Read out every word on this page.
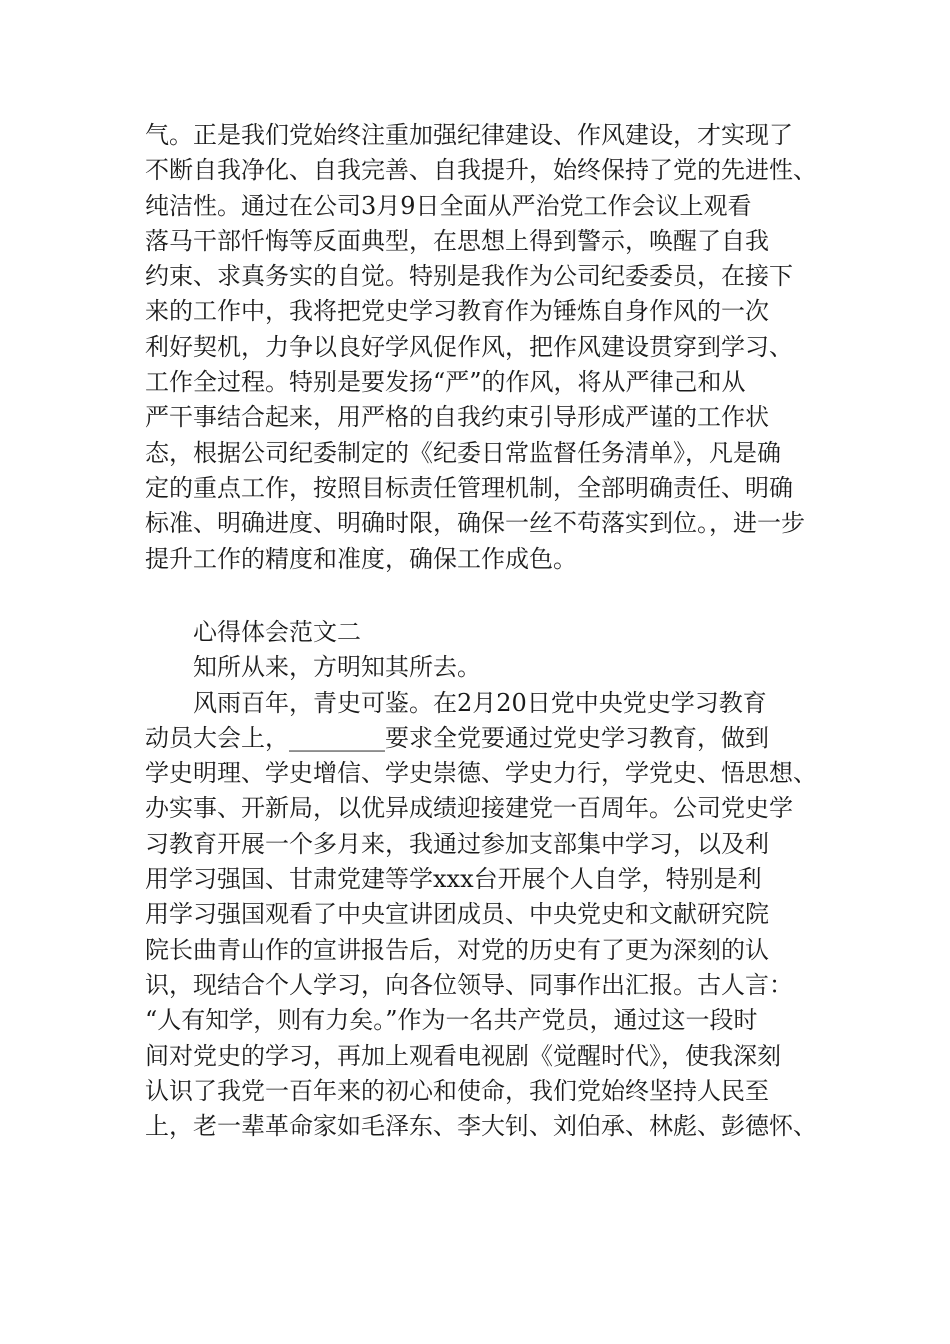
气。正是我们党始终注重加强纪律建设、作风建设，才实现了
不断自我净化、自我完善、自我提升，始终保持了党的先进性、
纯洁性。通过在公司3月9日全面从严治党工作会议上观看
落马干部忏悔等反面典型，在思想上得到警示，唤醒了自我
约束、求真务实的自觉。特别是我作为公司纪委委员，在接下
来的工作中，我将把党史学习教育作为锤炼自身作风的一次
利好契机，力争以良好学风促作风，把作风建设贯穿到学习、
工作全过程。特别是要发扬“严”的作风，将从严律己和从
严干事结合起来，用严格的自我约束引导形成严谨的工作状
态，根据公司纪委制定的《纪委日常监督任务清单》，凡是确
定的重点工作，按照目标责任管理机制，全部明确责任、明确
标准、明确进度、明确时限，确保一丝不苟落实到位。，进一步
提升工作的精度和准度，确保工作成色。
心得体会范文二
知所从来，方明知其所去。
风雨百年，青史可鉴。在2月20日党中央党史学习教育
动员大会上，________要求全党要通过党史学习教育，做到
学史明理、学史增信、学史崇德、学史力行，学党史、悟思想、
办实事、开新局，以优异成绩迎接建党一百周年。公司党史学
习教育开展一个多月来，我通过参加支部集中学习，以及利
用学习强国、甘肃党建等学xxx台开展个人自学，特别是利
用学习强国观看了中央宣讲团成员、中央党史和文献研究院
院长曲青山作的宣讲报告后，对党的历史有了更为深刻的认
识，现结合个人学习，向各位领导、同事作出汇报。古人言：
“人有知学，则有力矣。”作为一名共产党员，通过这一段时
间对党史的学习，再加上观看电视剧《觉醒时代》，使我深刻
认识了我党一百年来的初心和使命，我们党始终坚持人民至
上，老一辈革命家如毛泽东、李大钊、刘伯承、林彪、彭德怀、
